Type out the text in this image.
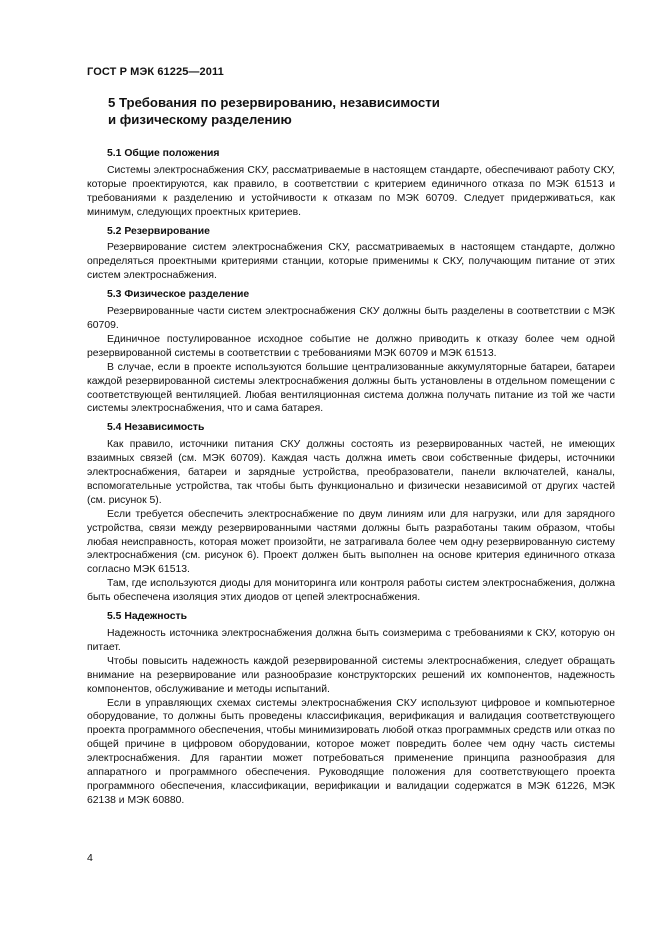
ГОСТ Р МЭК 61225—2011
5 Требования по резервированию, независимости
и физическому разделению
5.1 Общие положения

Системы электроснабжения СКУ, рассматриваемые в настоящем стандарте, обеспечивают работу СКУ, которые проектируются, как правило, в соответствии с критерием единичного отказа по МЭК 61513 и требованиями к разделению и устойчивости к отказам по МЭК 60709. Следует придерживаться, как минимум, следующих проектных критериев.

5.2 Резервирование

Резервирование систем электроснабжения СКУ, рассматриваемых в настоящем стандарте, должно определяться проектными критериями станции, которые применимы к СКУ, получающим питание от этих систем электроснабжения.

5.3 Физическое разделение

Резервированные части систем электроснабжения СКУ должны быть разделены в соответствии с МЭК 60709.

Единичное постулированное исходное событие не должно приводить к отказу более чем одной резервированной системы в соответствии с требованиями МЭК 60709 и МЭК 61513.

В случае, если в проекте используются большие централизованные аккумуляторные батареи, батареи каждой резервированной системы электроснабжения должны быть установлены в отдельном помещении с соответствующей вентиляцией. Любая вентиляционная система должна получать питание из той же части системы электроснабжения, что и сама батарея.

5.4 Независимость

Как правило, источники питания СКУ должны состоять из резервированных частей, не имеющих взаимных связей (см. МЭК 60709). Каждая часть должна иметь свои собственные фидеры, источники электроснабжения, батареи и зарядные устройства, преобразователи, панели включателей, каналы, вспомогательные устройства, так чтобы быть функционально и физически независимой от других частей (см. рисунок 5).

Если требуется обеспечить электроснабжение по двум линиям или для нагрузки, или для зарядного устройства, связи между резервированными частями должны быть разработаны таким образом, чтобы любая неисправность, которая может произойти, не затрагивала более чем одну резервированную систему электроснабжения (см. рисунок 6). Проект должен быть выполнен на основе критерия единичного отказа согласно МЭК 61513.

Там, где используются диоды для мониторинга или контроля работы систем электроснабжения, должна быть обеспечена изоляция этих диодов от цепей электроснабжения.

5.5 Надежность

Надежность источника электроснабжения должна быть соизмерима с требованиями к СКУ, которую он питает.

Чтобы повысить надежность каждой резервированной системы электроснабжения, следует обращать внимание на резервирование или разнообразие конструкторских решений их компонентов, надежность компонентов, обслуживание и методы испытаний.

Если в управляющих схемах системы электроснабжения СКУ используют цифровое и компьютерное оборудование, то должны быть проведены классификация, верификация и валидация соответствующего проекта программного обеспечения, чтобы минимизировать любой отказ программных средств или отказ по общей причине в цифровом оборудовании, которое может повредить более чем одну часть системы электроснабжения. Для гарантии может потребоваться применение принципа разнообразия для аппаратного и программного обеспечения. Руководящие положения для соответствующего проекта программного обеспечения, классификации, верификации и валидации содержатся в МЭК 61226, МЭК 62138 и МЭК 60880.

4
